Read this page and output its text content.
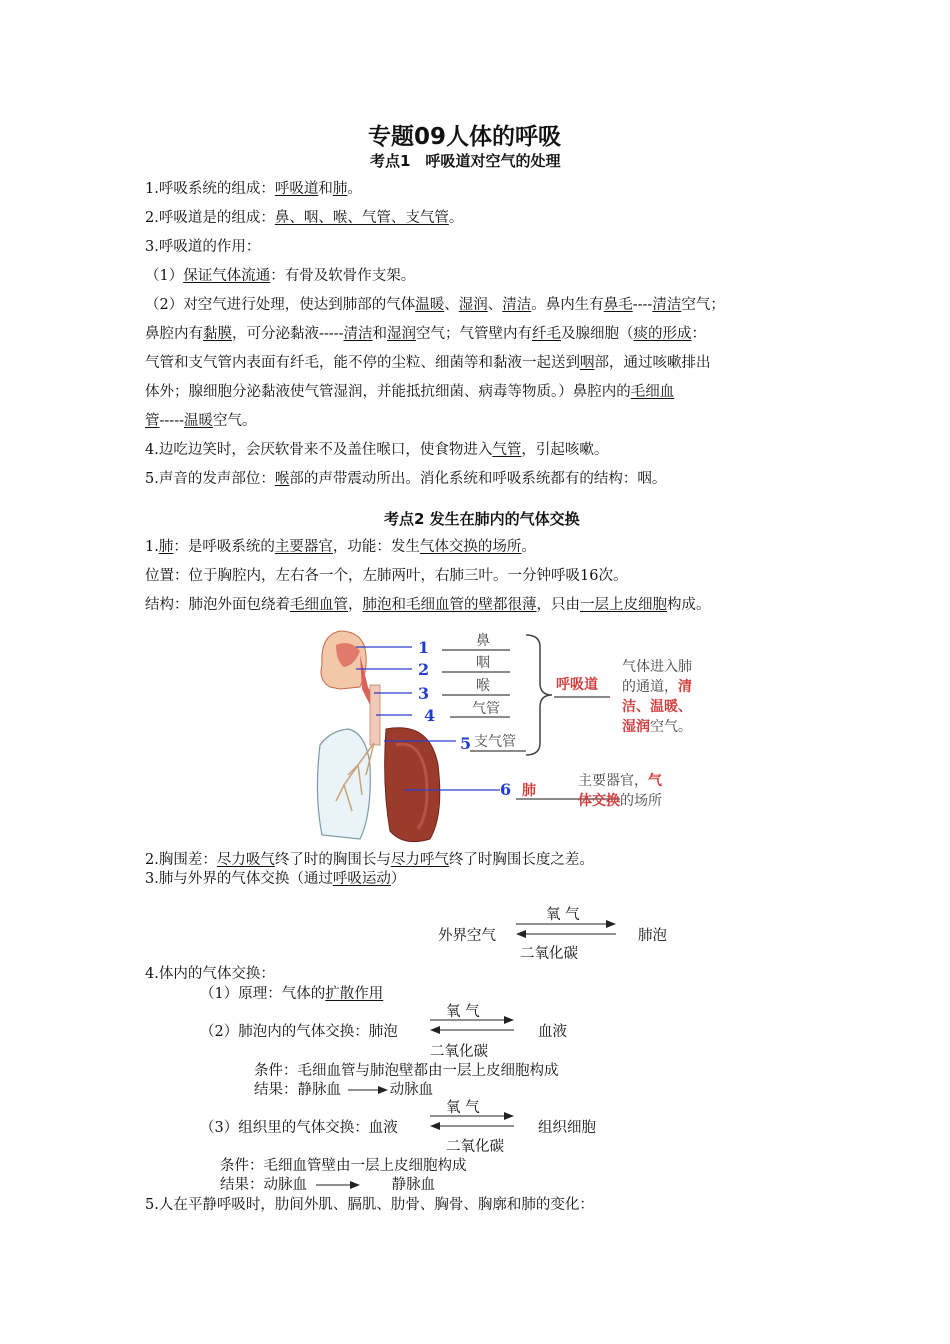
专题09人体的呼吸
考点1　呼吸道对空气的处理
1.呼吸系统的组成：呼吸道和肺。
2.呼吸道是的组成：鼻、咽、喉、气管、支气管。
3.呼吸道的作用：
（1）保证气体流通：有骨及软骨作支架。
（2）对空气进行处理，使达到肺部的气体温暖、湿润、清洁。鼻内生有鼻毛----清洁空气；
鼻腔内有黏膜，可分泌黏液-----清洁和湿润空气；气管壁内有纤毛及腺细胞（痰的形成：
气管和支气管内表面有纤毛，能不停的尘粒、细菌等和黏液一起送到咽部，通过咳嗽排出
体外；腺细胞分泌黏液使气管湿润，并能抵抗细菌、病毒等物质。）鼻腔内的毛细血
管-----温暖空气。
4.边吃边笑时，会厌软骨来不及盖住喉口，使食物进入气管，引起咳嗽。
5.声音的发声部位：喉部的声带震动所出。消化系统和呼吸系统都有的结构：咽。
考点2 发生在肺内的气体交换
1.肺：是呼吸系统的主要器官，功能：发生气体交换的场所。
位置：位于胸腔内，左右各一个，左肺两叶，右肺三叶。一分钟呼吸16次。
结构：肺泡外面包绕着毛细血管，肺泡和毛细血管的壁都很薄，只由一层上皮细胞构成。
1
2
3
4
5
6
鼻
咽
喉
气管
支气管
呼吸道
肺
气体进入肺
的通道，清
洁、温暖、
湿润空气。
主要器官，气
体交换的场所
2.胸围差：尽力吸气终了时的胸围长与尽力呼气终了时胸围长度之差。
3.肺与外界的气体交换（通过呼吸运动）
氧 气
外界空气	肺泡
二氧化碳
4.体内的气体交换：
（1）原理：气体的扩散作用
氧 气
（2）肺泡内的气体交换：肺泡	血液
二氧化碳
条件：毛细血管与肺泡壁都由一层上皮细胞构成
结果：静脉血	动脉血
氧 气
（3）组织里的气体交换：血液	组织细胞
二氧化碳
条件：毛细血管壁由一层上皮细胞构成
结果：动脉血	静脉血
5.人在平静呼吸时，肋间外肌、膈肌、肋骨、胸骨、胸廓和肺的变化：
